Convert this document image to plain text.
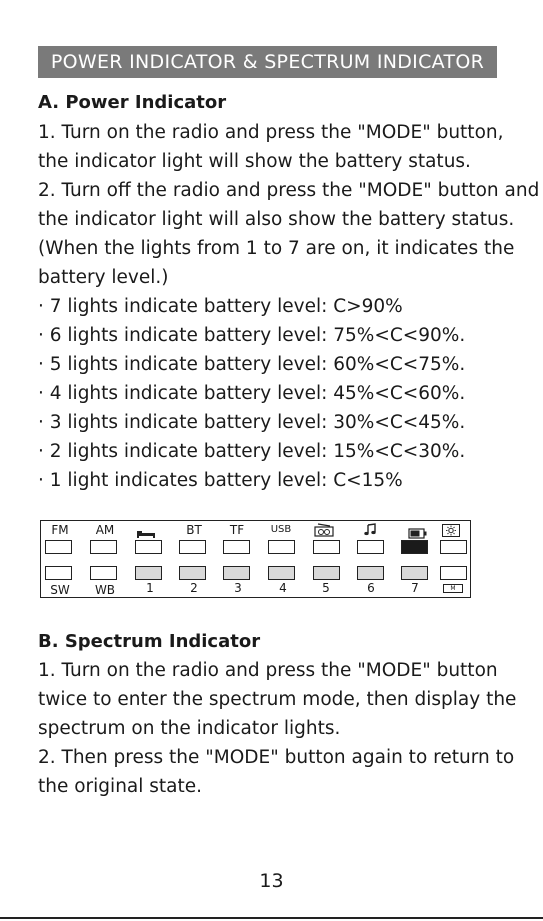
POWER INDICATOR & SPECTRUM INDICATOR
A. Power Indicator
1. Turn on the radio and press the "MODE" button,
the indicator light will show the battery status.
2. Turn off the radio and press the "MODE" button and
the indicator light will also show the battery status.
(When the lights from 1 to 7 are on, it indicates the
battery level.)
· 7 lights indicate battery level: C>90%
· 6 lights indicate battery level: 75%<C<90%.
· 5 lights indicate battery level: 60%<C<75%.
· 4 lights indicate battery level: 45%<C<60%.
· 3 lights indicate battery level: 30%<C<45%.
· 2 lights indicate battery level: 15%<C<30%.
· 1 light indicates battery level: C<15%
FM	AM	BT	TF	USB
SW	WB	1	2	3	4	5	6	7	M
B. Spectrum Indicator
1. Turn on the radio and press the "MODE" button
twice to enter the spectrum mode, then display the
spectrum on the indicator lights.
2. Then press the "MODE" button again to return to
the original state.
13
